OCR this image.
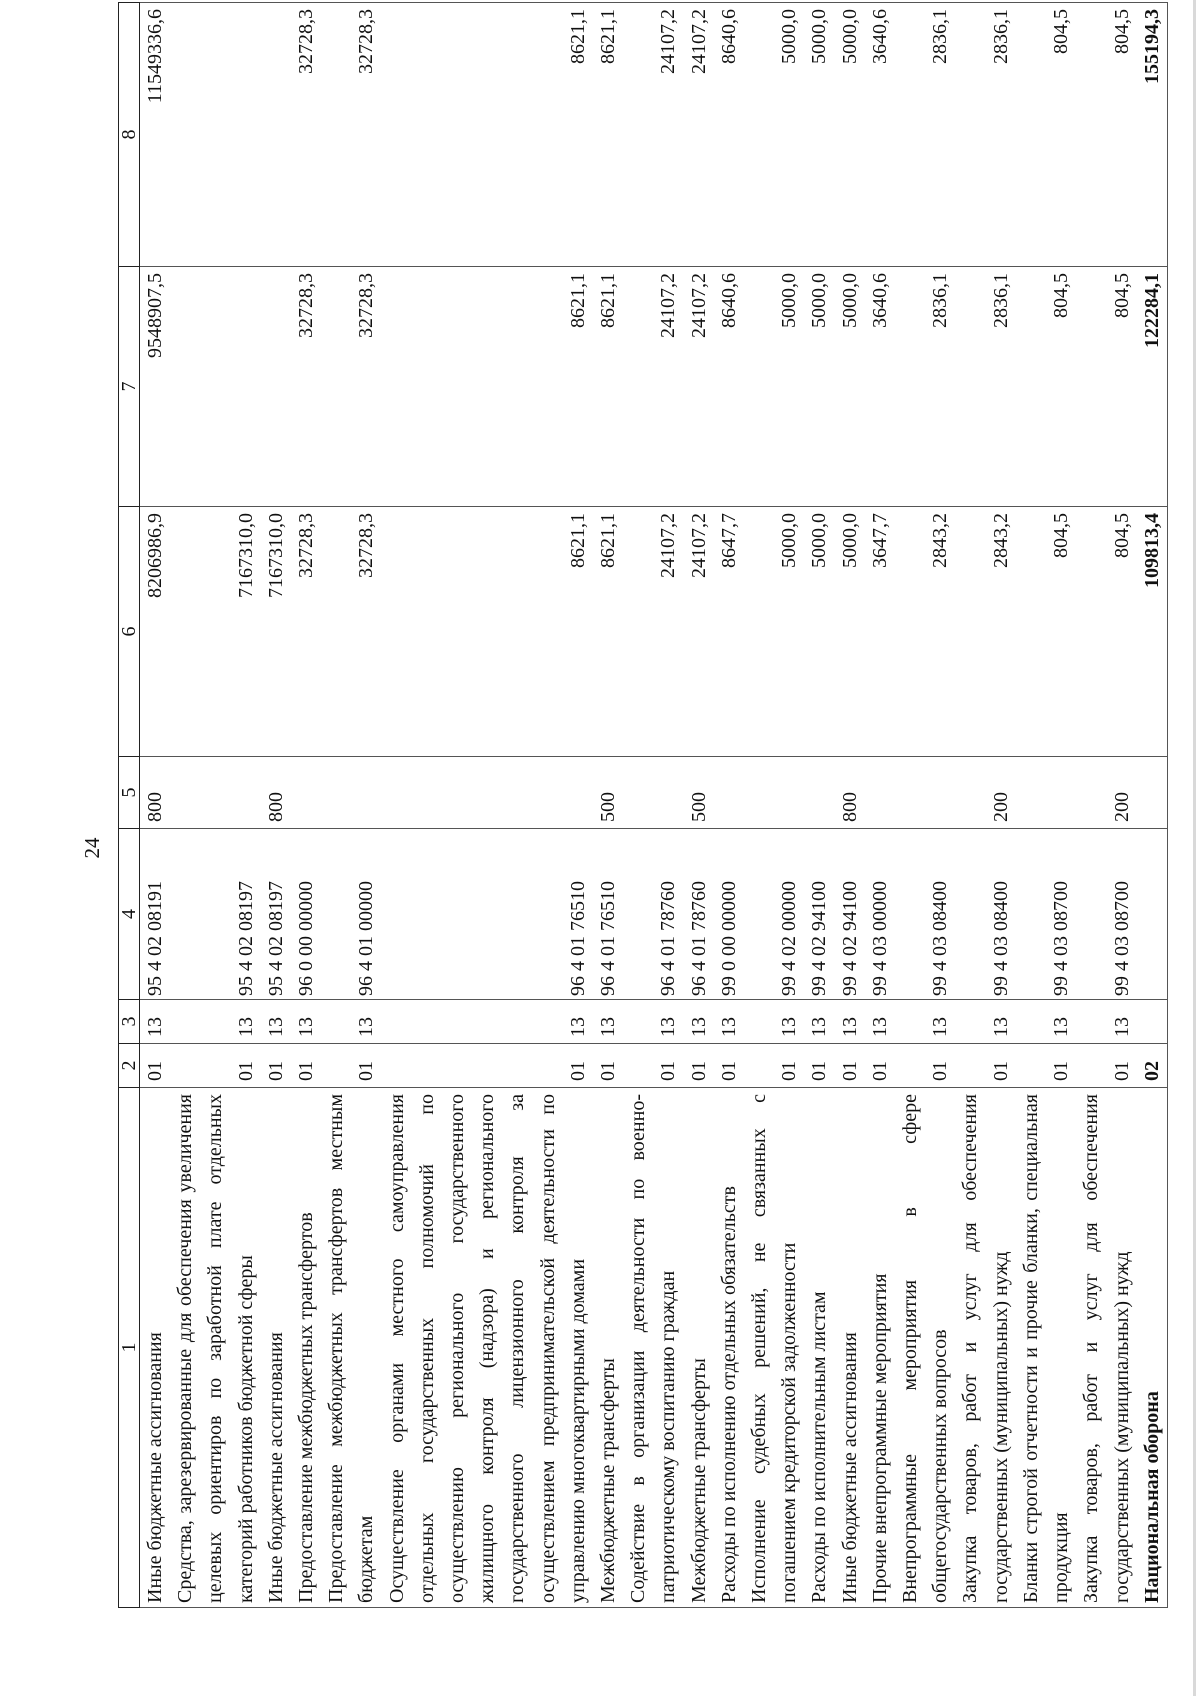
24
1	2	3	4	5	6	7	8
Иные бюджетные ассигнования	01	13	95 4 02 08191	800	8206986,9	9548907,5	11549336,6
Средства, зарезервированные для обеспечения увеличения целевых ориентиров по заработной плате отдельных категорий работников бюджетной сферы	01	13	95 4 02 08197		7167310,0		
Иные бюджетные ассигнования	01	13	95 4 02 08197	800	7167310,0		
Предоставление межбюджетных трансфертов	01	13	96 0 00 00000		32728,3	32728,3	32728,3
Предоставление межбюджетных трансфертов местным бюджетам	01	13	96 4 01 00000		32728,3	32728,3	32728,3
Осуществление органами местного самоуправления отдельных государственных полномочий по осуществлению регионального государственного жилищного контроля (надзора) и регионального государственного лицензионного контроля за осуществлением предпринимательской деятельности по управлению многоквартирными домами	01	13	96 4 01 76510		8621,1	8621,1	8621,1
Межбюджетные трансферты	01	13	96 4 01 76510	500	8621,1	8621,1	8621,1
Содействие в организации деятельности по военно-патриотическому воспитанию граждан	01	13	96 4 01 78760		24107,2	24107,2	24107,2
Межбюджетные трансферты	01	13	96 4 01 78760	500	24107,2	24107,2	24107,2
Расходы по исполнению отдельных обязательств	01	13	99 0 00 00000		8647,7	8640,6	8640,6
Исполнение судебных решений, не связанных с погашением кредиторской задолженности	01	13	99 4 02 00000		5000,0	5000,0	5000,0
Расходы по исполнительным листам	01	13	99 4 02 94100		5000,0	5000,0	5000,0
Иные бюджетные ассигнования	01	13	99 4 02 94100	800	5000,0	5000,0	5000,0
Прочие внепрограммные мероприятия	01	13	99 4 03 00000		3647,7	3640,6	3640,6
Внепрограммные мероприятия в сфере общегосударственных вопросов	01	13	99 4 03 08400		2843,2	2836,1	2836,1
Закупка товаров, работ и услуг для обеспечения государственных (муниципальных) нужд	01	13	99 4 03 08400	200	2843,2	2836,1	2836,1
Бланки строгой отчетности и прочие бланки, специальная продукция	01	13	99 4 03 08700		804,5	804,5	804,5
Закупка товаров, работ и услуг для обеспечения государственных (муниципальных) нужд	01	13	99 4 03 08700	200	804,5	804,5	804,5
Национальная оборона	02				109813,4	122284,1	155194,3
